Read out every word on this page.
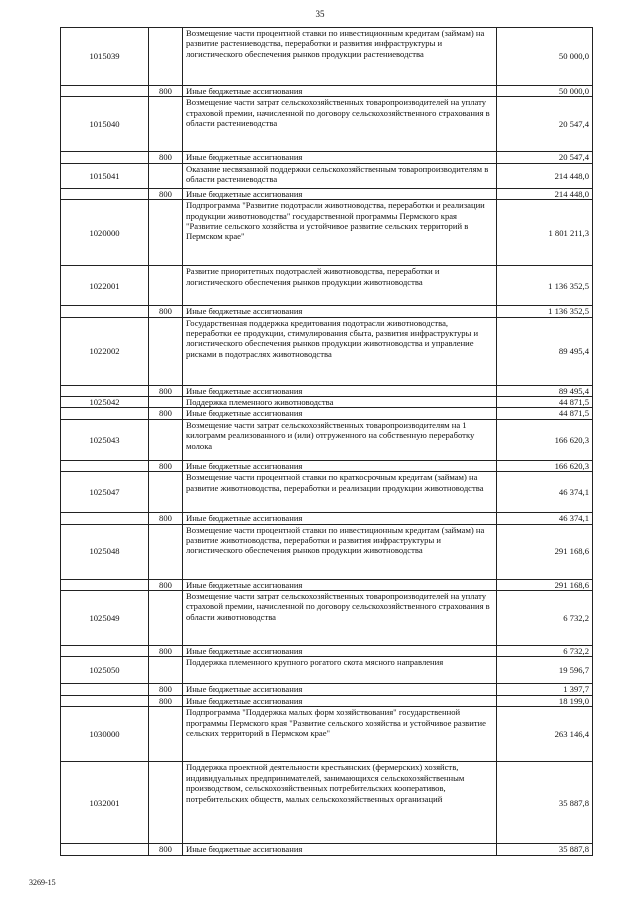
35
1015039		Возмещение части процентной ставки по инвестиционным кредитам (займам) на развитие растениеводства, переработки и развития инфраструктуры и логистического обеспечения рынков продукции растениеводства	50 000,0
	800	Иные бюджетные ассигнования	50 000,0
1015040		Возмещение части затрат сельскохозяйственных товаропроизводителей на уплату страховой премии, начисленной по договору сельскохозяйственного страхования в области растениеводства	20 547,4
	800	Иные бюджетные ассигнования	20 547,4
1015041		Оказание несвязанной поддержки сельскохозяйственным товаропроизводителям в области растениеводства	214 448,0
	800	Иные бюджетные ассигнования	214 448,0
1020000		Подпрограмма "Развитие подотрасли животноводства, переработки и реализации продукции животноводства" государственной программы Пермского края "Развитие сельского хозяйства и устойчивое развитие сельских территорий в Пермском крае"	1 801 211,3
1022001		Развитие приоритетных подотраслей животноводства, переработки и логистического обеспечения рынков продукции животноводства	1 136 352,5
	800	Иные бюджетные ассигнования	1 136 352,5
1022002		Государственная поддержка кредитования подотрасли животноводства, переработки ее продукции, стимулирования сбыта, развития инфраструктуры и логистического обеспечения рынков продукции животноводства и управление рисками в подотраслях животноводства	89 495,4
	800	Иные бюджетные ассигнования	89 495,4
1025042		Поддержка племенного животноводства	44 871,5
	800	Иные бюджетные ассигнования	44 871,5
1025043		Возмещение части затрат сельскохозяйственных товаропроизводителям на 1 килограмм реализованного и (или) отгруженного на собственную переработку молока	166 620,3
	800	Иные бюджетные ассигнования	166 620,3
1025047		Возмещение части процентной ставки по краткосрочным кредитам (займам) на развитие животноводства, переработки и реализации продукции животноводства	46 374,1
	800	Иные бюджетные ассигнования	46 374,1
1025048		Возмещение части процентной ставки по инвестиционным кредитам (займам) на развитие животноводства, переработки и развития инфраструктуры и логистического обеспечения рынков продукции животноводства	291 168,6
	800	Иные бюджетные ассигнования	291 168,6
1025049		Возмещение части затрат сельскохозяйственных товаропроизводителей на уплату страховой премии, начисленной по договору сельскохозяйственного страхования в области животноводства	6 732,2
	800	Иные бюджетные ассигнования	6 732,2
1025050		Поддержка племенного крупного рогатого скота мясного направления	19 596,7
	800	Иные бюджетные ассигнования	1 397,7
	800	Иные бюджетные ассигнования	18 199,0
1030000		Подпрограмма "Поддержка малых форм хозяйствования" государственной программы Пермского края "Развитие сельского хозяйства и устойчивое развитие сельских территорий в Пермском крае"	263 146,4
1032001		Поддержка проектной деятельности крестьянских (фермерских) хозяйств, индивидуальных предпринимателей, занимающихся сельскохозяйственным производством, сельскохозяйственных потребительских кооперативов, потребительских обществ, малых сельскохозяйственных организаций	35 887,8
	800	Иные бюджетные ассигнования	35 887,8
3269-15
